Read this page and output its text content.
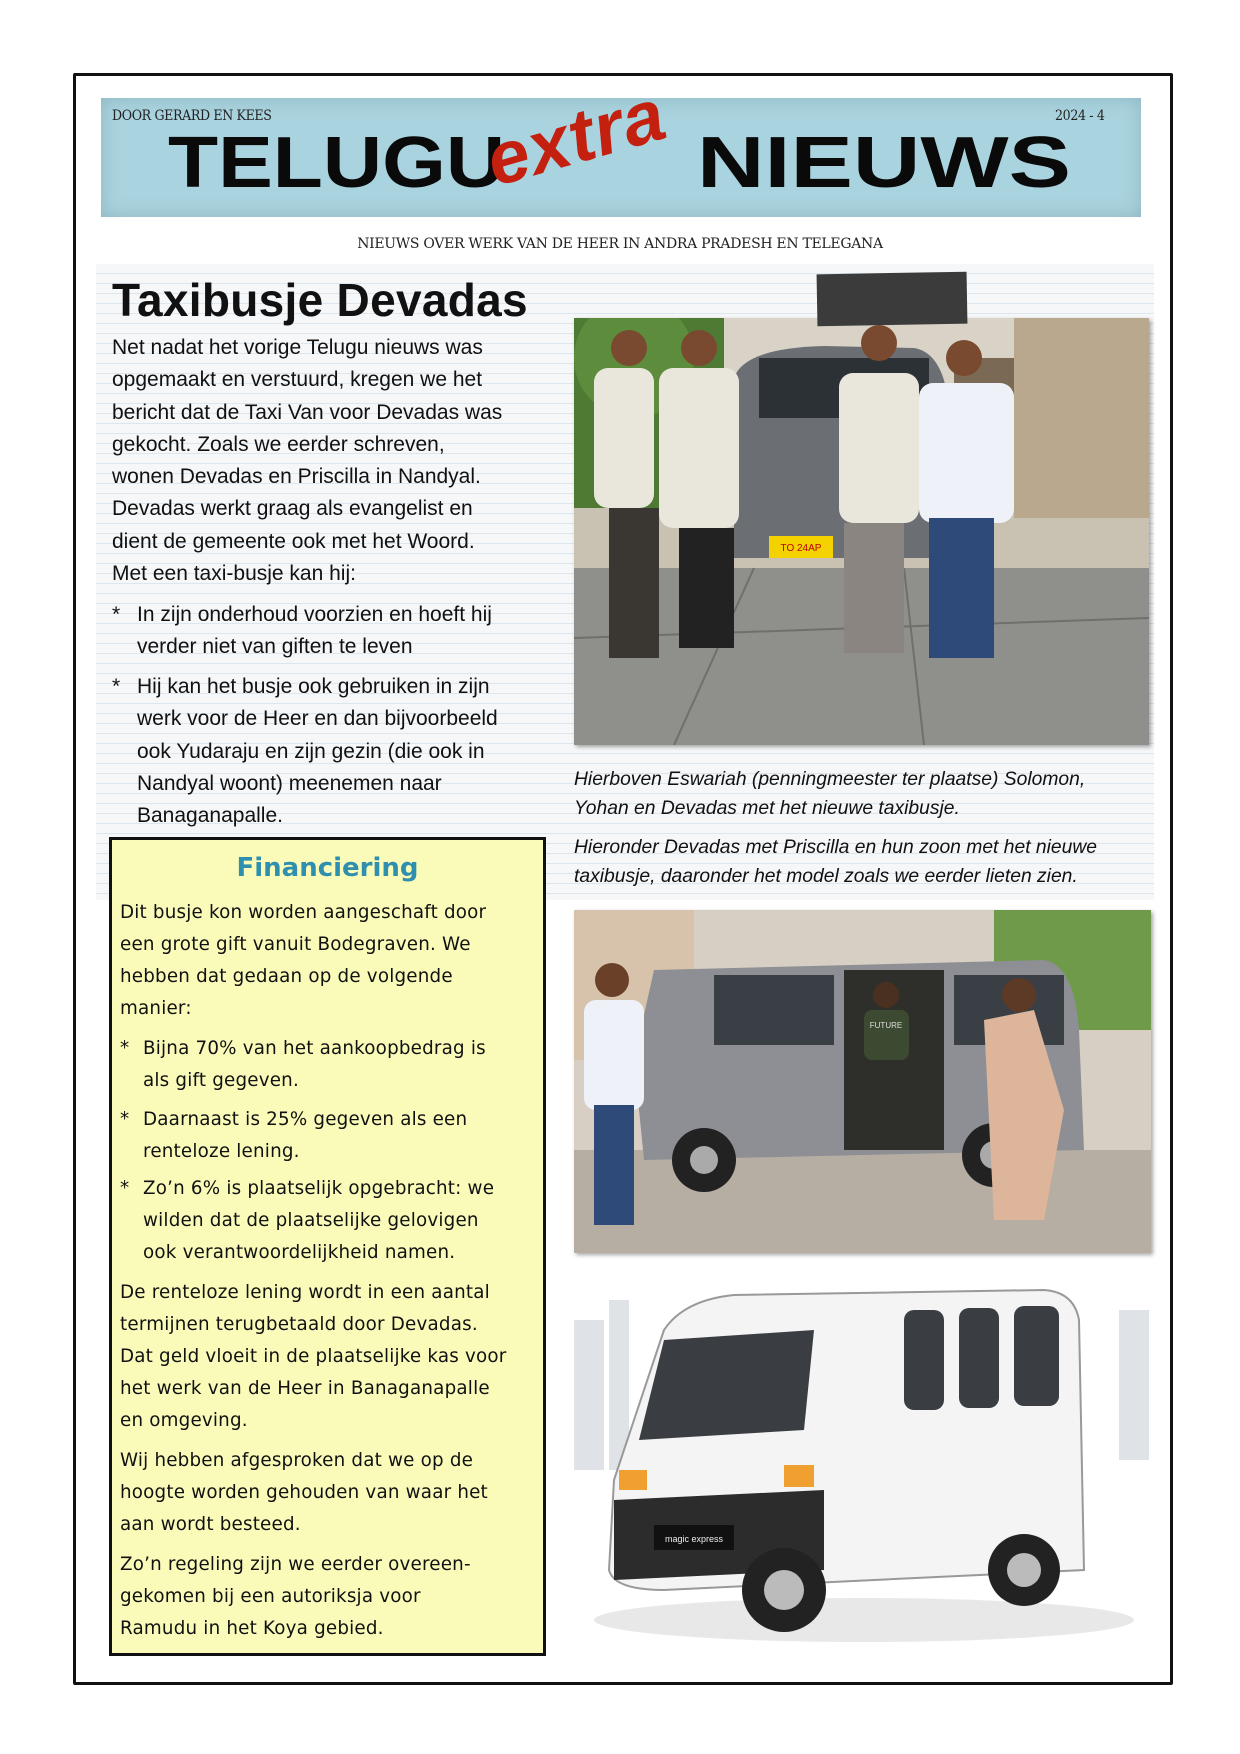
DOOR GERARD EN KEES	2024 - 4
TELUGU NIEUWS
extra
NIEUWS OVER WERK VAN DE HEER IN ANDRA PRADESH EN TELEGANA
Taxibusje Devadas
Net nadat het vorige Telugu nieuws was
opgemaakt en verstuurd, kregen we het
bericht dat de Taxi Van voor Devadas was
gekocht. Zoals we eerder schreven,
wonen Devadas en Priscilla in Nandyal.
Devadas werkt graag als evangelist en
dient de gemeente ook met het Woord.
Met een taxi-busje kan hij:
* In zijn onderhoud voorzien en hoeft hij
verder niet van giften te leven
* Hij kan het busje ook gebruiken in zijn
werk voor de Heer en dan bijvoorbeeld
ook Yudaraju en zijn gezin (die ook in
Nandyal woont) meenemen naar
Banaganapalle.
Financiering
Dit busje kon worden aangeschaft door
een grote gift vanuit Bodegraven. We
hebben dat gedaan op de volgende
manier:
* Bijna 70% van het aankoopbedrag is
als gift gegeven.
* Daarnaast is 25% gegeven als een
renteloze lening.
* Zo’n 6% is plaatselijk opgebracht: we
wilden dat de plaatselijke gelovigen
ook verantwoordelijkheid namen.
De renteloze lening wordt in een aantal
termijnen terugbetaald door Devadas.
Dat geld vloeit in de plaatselijke kas voor
het werk van de Heer in Banaganapalle
en omgeving.
Wij hebben afgesproken dat we op de
hoogte worden gehouden van waar het
aan wordt besteed.
Zo’n regeling zijn we eerder overeen-
gekomen bij een autoriksja voor
Ramudu in het Koya gebied.
TO 24AP
Hierboven Eswariah (penningmeester ter plaatse) Solomon,
Yohan en Devadas met het nieuwe taxibusje.
Hieronder Devadas met Priscilla en hun zoon met het nieuwe
taxibusje, daaronder het model zoals we eerder lieten zien.
FUTURE
magic express
